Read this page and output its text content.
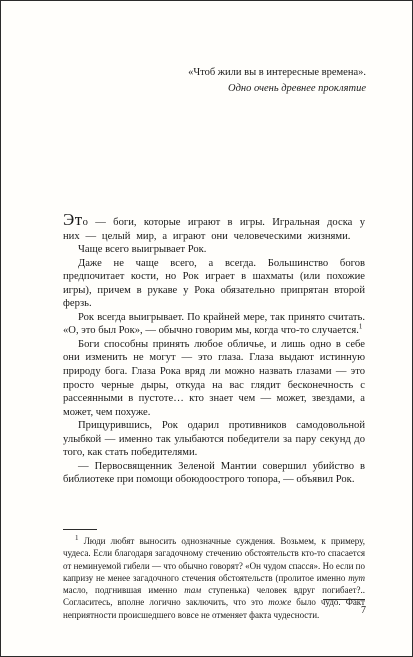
«Чтоб жили вы в интересные времена».
Одно очень древнее проклятие

Это — боги, которые играют в игры. Игральная доска у них — целый мир, а играют они человеческими жизнями.

Чаще всего выигрывает Рок.

Даже не чаще всего, а всегда. Большинство богов предпочитает кости, но Рок играет в шахматы (или похожие игры), причем в рукаве у Рока обязательно припрятан второй ферзь.

Рок всегда выигрывает. По крайней мере, так принято считать. «О, это был Рок», — обычно говорим мы, когда что-то случается.$^1$

Боги способны принять любое обличье, и лишь одно в себе они изменить не могут — это глаза. Глаза выдают истинную природу бога. Глаза Рока вряд ли можно назвать глазами — это просто черные дыры, откуда на вас глядит бесконечность с рассеянными в пустоте… кто знает чем — может, звездами, а может, чем похуже.

Прищурившись, Рок одарил противников самодовольной улыбкой — именно так улыбаются победители за пару секунд до того, как стать победителями.

— Первосвященник Зеленой Мантии совершил убийство в библиотеке при помощи обоюдоострого топора, — объявил Рок.

$^1$ Люди любят выносить однозначные суждения. Возьмем, к примеру, чудеса. Если благодаря загадочному стечению обстоятельств кто-то спасается от неминуемой гибели — что обычно говорят? «Он чудом спасся». Но если по капризу не менее загадочного стечения обстоятельств (пролитое именно тут масло, подгнившая именно там ступенька) человек вдруг погибает?.. Согласитесь, вполне логично заключить, что это тоже было чудо. Факт неприятности происшедшего вовсе не отменяет факта чудесности.	7
